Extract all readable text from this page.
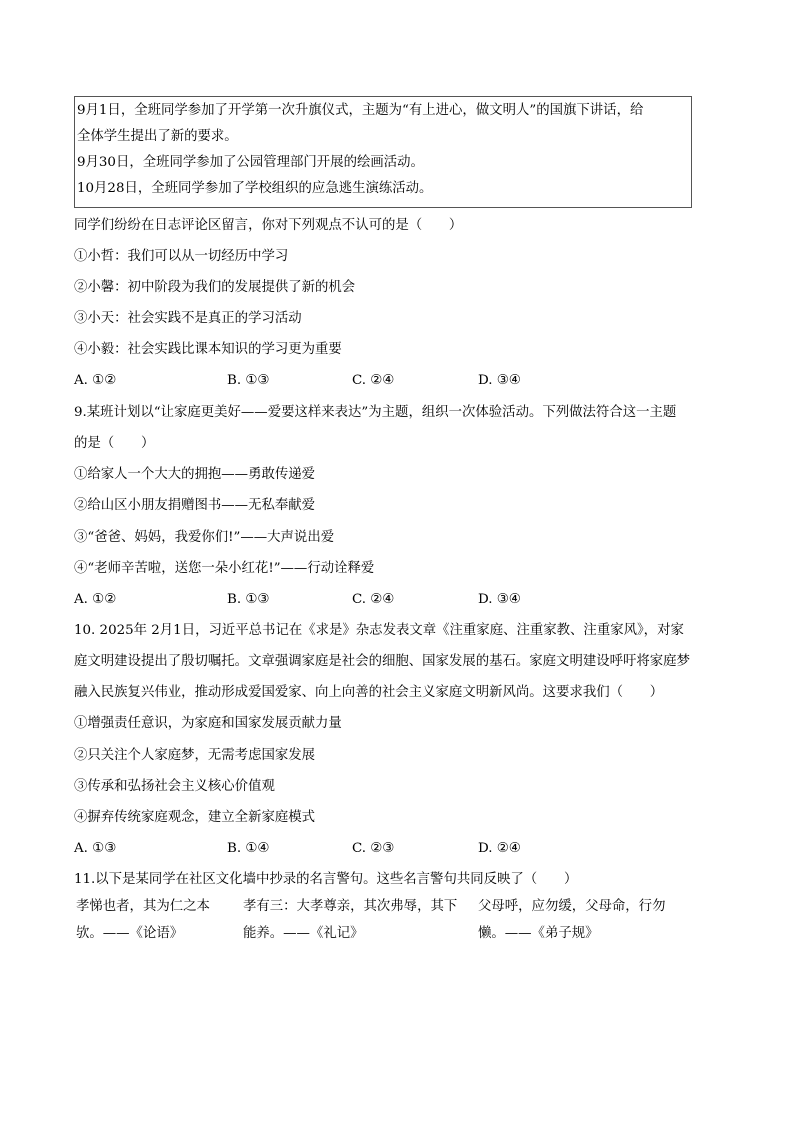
9月1日，全班同学参加了开学第一次升旗仪式，主题为“有上进心，做文明人”的国旗下讲话，给
全体学生提出了新的要求。
9月30日，全班同学参加了公园管理部门开展的绘画活动。
10月28日，全班同学参加了学校组织的应急逃生演练活动。
同学们纷纷在日志评论区留言，你对下列观点不认可的是（　　）
①小哲：我们可以从一切经历中学习
②小馨：初中阶段为我们的发展提供了新的机会
③小天：社会实践不是真正的学习活动
④小毅：社会实践比课本知识的学习更为重要
A. ①②	B. ①③	C. ②④	D. ③④
9.某班计划以“让家庭更美好——爱要这样来表达”为主题，组织一次体验活动。下列做法符合这一主题
的是（　　）
①给家人一个大大的拥抱——勇敢传递爱
②给山区小朋友捐赠图书——无私奉献爱
③“爸爸、妈妈，我爱你们!”——大声说出爱
④“老师辛苦啦，送您一朵小红花!”——行动诠释爱
A. ①②	B. ①③	C. ②④	D. ③④
10. 2025年 2月1日，习近平总书记在《求是》杂志发表文章《注重家庭、注重家教、注重家风》，对家
庭文明建设提出了殷切嘱托。文章强调家庭是社会的细胞、国家发展的基石。家庭文明建设呼吁将家庭梦
融入民族复兴伟业，推动形成爱国爱家、向上向善的社会主义家庭文明新风尚。这要求我们（　　）
①增强责任意识，为家庭和国家发展贡献力量
②只关注个人家庭梦，无需考虑国家发展
③传承和弘扬社会主义核心价值观
④摒弃传统家庭观念，建立全新家庭模式
A. ①③	B. ①④	C. ②③	D. ②④
11.以下是某同学在社区文化墙中抄录的名言警句。这些名言警句共同反映了（　　）
孝悌也者，其为仁之本
欤。——《论语》
孝有三：大孝尊亲，其次弗辱，其下
能养。——《礼记》
父母呼，应勿缓，父母命，行勿
懒。——《弟子规》
